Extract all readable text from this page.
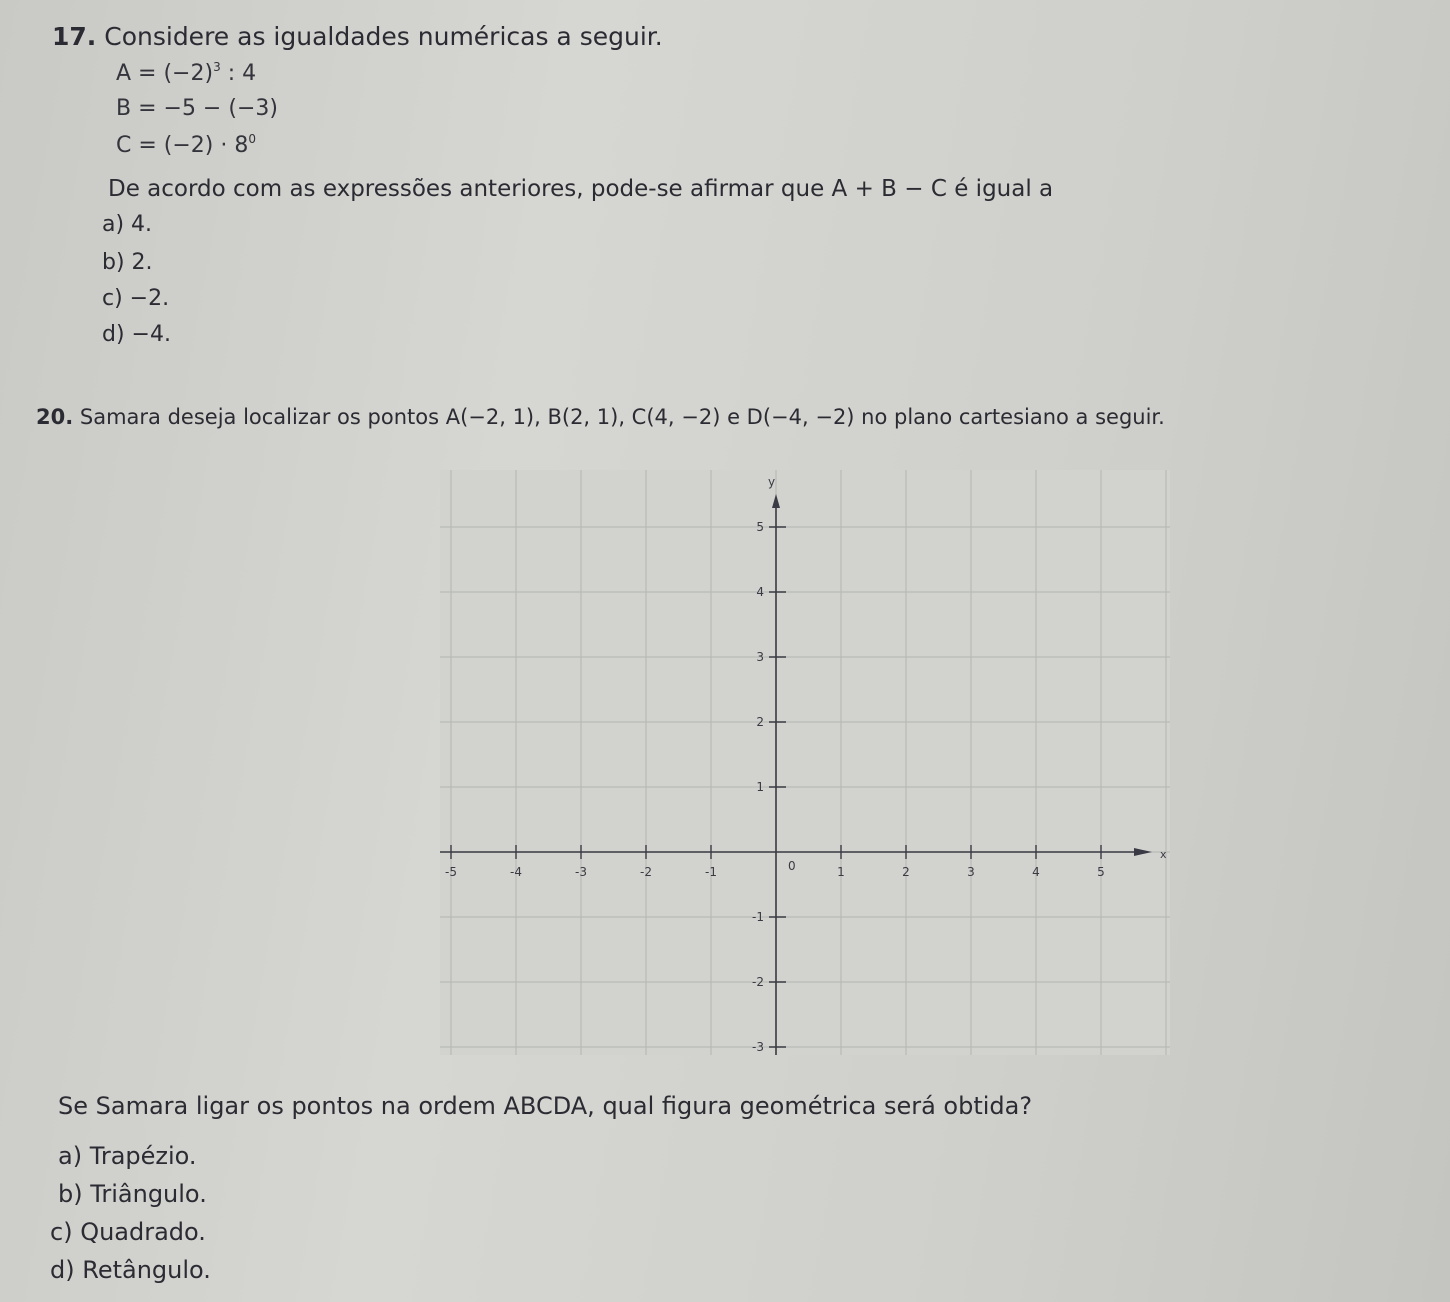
17. Considere as igualdades numéricas a seguir.
$A = (-2)^3$ : 4
B = −5 − (−3)
$C = (-2) \cdot 8^0$
De acordo com as expressões anteriores, pode-se afirmar que A + B − C é igual a
a) 4.
b) 2.
c) −2.
d) −4.
20. Samara deseja localizar os pontos A(−2, 1), B(2, 1), C(4, −2) e D(−4, −2) no plano cartesiano a seguir.
x
y
-5	-4	-3	-2	-1	1	2	3	4	5
5
4
3
2
1
-1
-2
-3
0
Se Samara ligar os pontos na ordem ABCDA, qual figura geométrica será obtida?
a) Trapézio.
b) Triângulo.
c) Quadrado.
d) Retângulo.
